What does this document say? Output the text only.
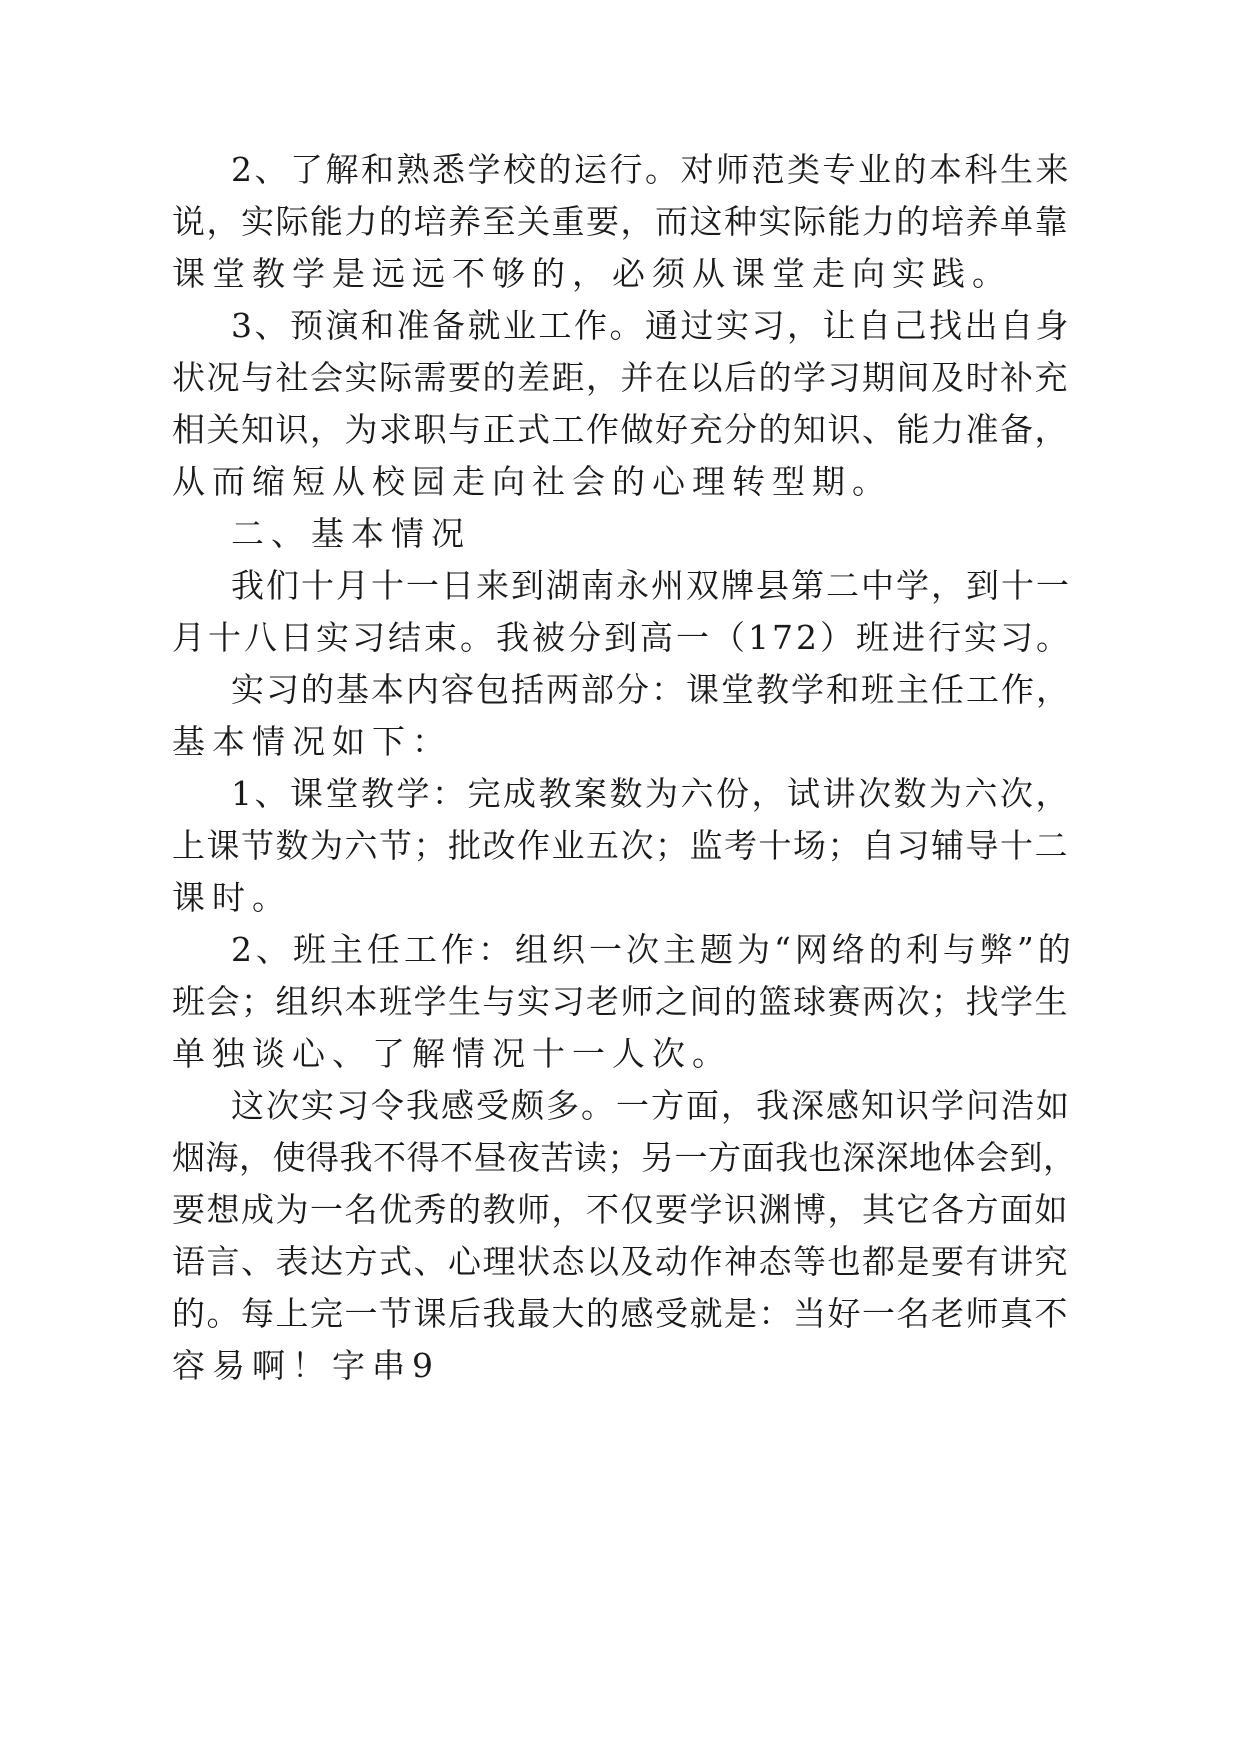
2、了解和熟悉学校的运行。对师范类专业的本科生来
说，实际能力的培养至关重要，而这种实际能力的培养单靠
课堂教学是远远不够的，必须从课堂走向实践。
3、预演和准备就业工作。通过实习，让自己找出自身
状况与社会实际需要的差距，并在以后的学习期间及时补充
相关知识，为求职与正式工作做好充分的知识、能力准备，
从而缩短从校园走向社会的心理转型期。
二、基本情况
我们十月十一日来到湖南永州双牌县第二中学，到十一
月十八日实习结束。我被分到高一（172）班进行实习。
实习的基本内容包括两部分：课堂教学和班主任工作，
基本情况如下：
1、课堂教学：完成教案数为六份，试讲次数为六次，
上课节数为六节；批改作业五次；监考十场；自习辅导十二
课时。
2、班主任工作：组织一次主题为“网络的利与弊”的
班会；组织本班学生与实习老师之间的篮球赛两次；找学生
单独谈心、了解情况十一人次。
这次实习令我感受颇多。一方面，我深感知识学问浩如
烟海，使得我不得不昼夜苦读；另一方面我也深深地体会到，
要想成为一名优秀的教师，不仅要学识渊博，其它各方面如
语言、表达方式、心理状态以及动作神态等也都是要有讲究
的。每上完一节课后我最大的感受就是：当好一名老师真不
容易啊！字串9
